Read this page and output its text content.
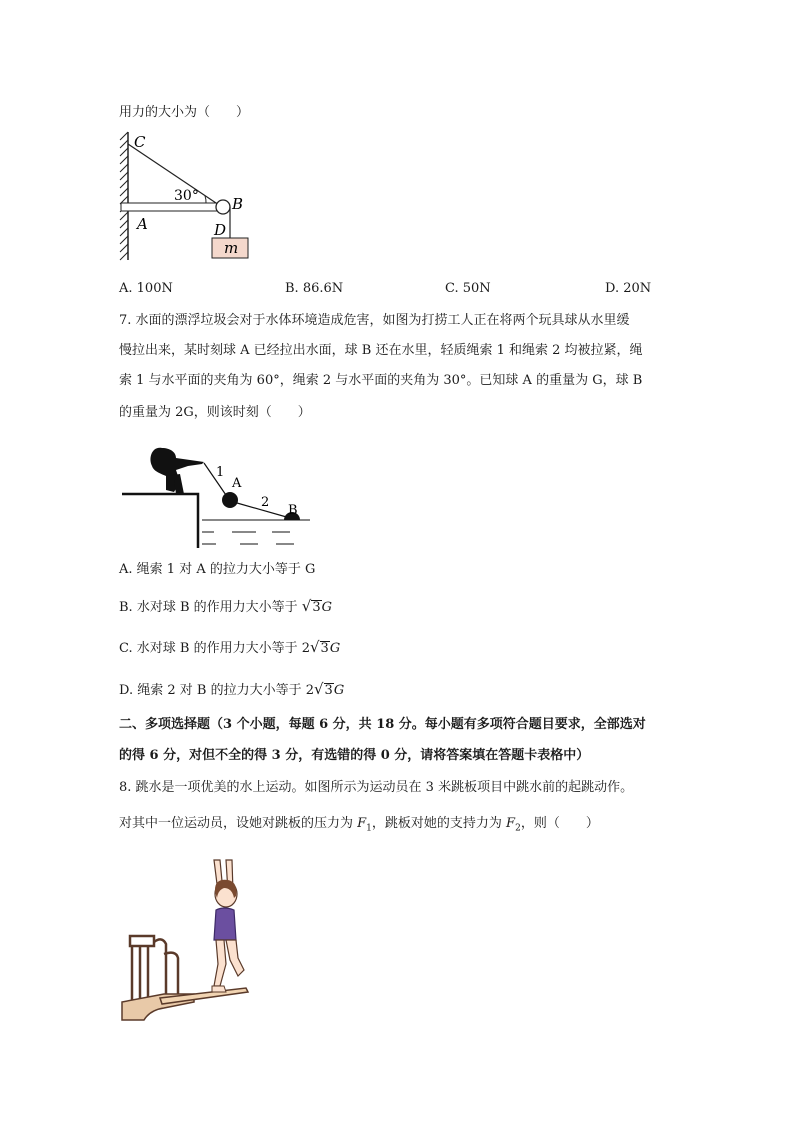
用力的大小为（　　）
C
30° B
A	D
m
A. 100N	B. 86.6N	C. 50N	D. 20N
7. 水面的漂浮垃圾会对于水体环境造成危害，如图为打捞工人正在将两个玩具球从水里缓
慢拉出来，某时刻球 A 已经拉出水面，球 B 还在水里，轻质绳索 1 和绳索 2 均被拉紧，绳
索 1 与水平面的夹角为 60°，绳索 2 与水平面的夹角为 30°。已知球 A 的重量为 G，球 B
的重量为 2G，则该时刻（　　）
1
A
2
B
A. 绳索 1 对 A 的拉力大小等于 G
B. 水对球 B 的作用力大小等于 √3G
C. 水对球 B 的作用力大小等于 2√3G
D. 绳索 2 对 B 的拉力大小等于 2√3G
二、多项选择题（3 个小题，每题 6 分，共 18 分。每小题有多项符合题目要求，全部选对
的得 6 分，对但不全的得 3 分，有选错的得 0 分，请将答案填在答题卡表格中）
8. 跳水是一项优美的水上运动。如图所示为运动员在 3 米跳板项目中跳水前的起跳动作。
对其中一位运动员，设她对跳板的压力为 $F_1$，跳板对她的支持力为 $F_2$，则（　　）
